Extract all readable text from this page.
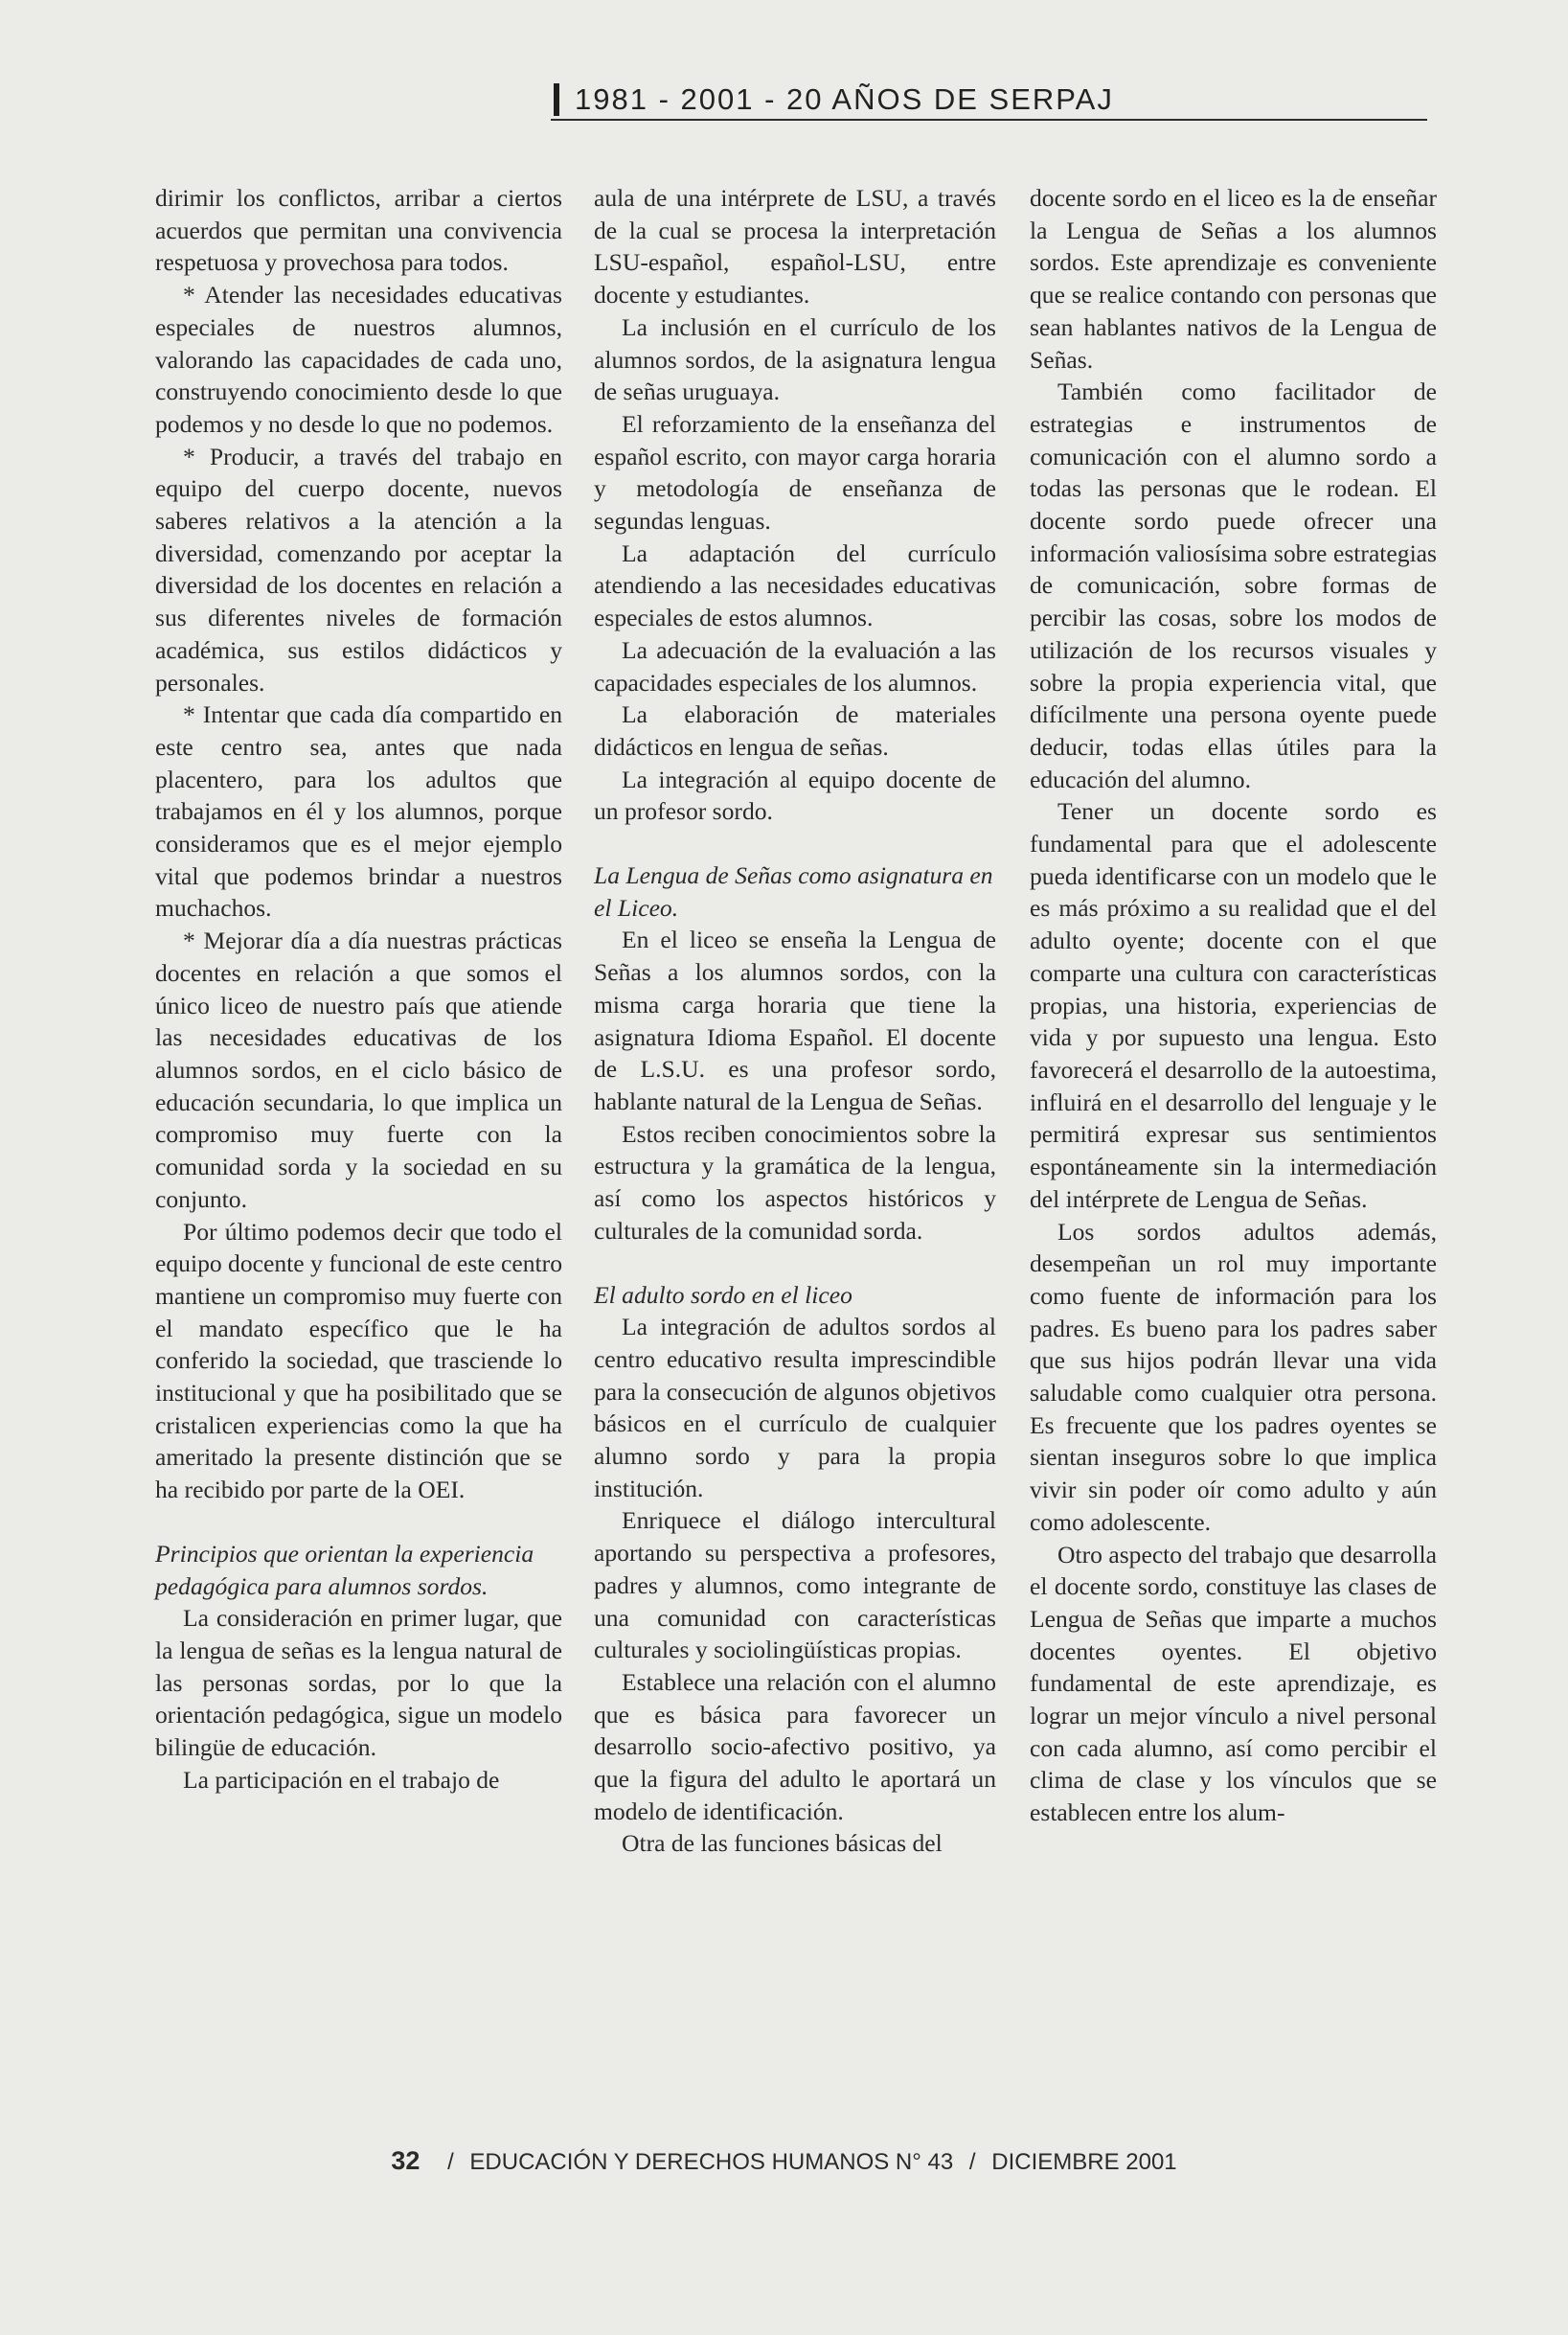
1981 - 2001 - 20 AÑOS DE SERPAJ

dirimir los conflictos, arribar a ciertos acuerdos que permitan una convivencia respetuosa y provechosa para todos.

* Atender las necesidades educativas especiales de nuestros alumnos, valorando las capacidades de cada uno, construyendo conocimiento desde lo que podemos y no desde lo que no podemos.

* Producir, a través del trabajo en equipo del cuerpo docente, nuevos saberes relativos a la atención a la diversidad, comenzando por aceptar la diversidad de los docentes en relación a sus diferentes niveles de formación académica, sus estilos didácticos y personales.

* Intentar que cada día compartido en este centro sea, antes que nada placentero, para los adultos que trabajamos en él y los alumnos, porque consideramos que es el mejor ejemplo vital que podemos brindar a nuestros muchachos.

* Mejorar día a día nuestras prácticas docentes en relación a que somos el único liceo de nuestro país que atiende las necesidades educativas de los alumnos sordos, en el ciclo básico de educación secundaria, lo que implica un compromiso muy fuerte con la comunidad sorda y la sociedad en su conjunto.

Por último podemos decir que todo el equipo docente y funcional de este centro mantiene un compromiso muy fuerte con el mandato específico que le ha conferido la sociedad, que trasciende lo institucional y que ha posibilitado que se cristalicen experiencias como la que ha ameritado la presente distinción que se ha recibido por parte de la OEI.

Principios que orientan la experiencia pedagógica para alumnos sordos.

La consideración en primer lugar, que la lengua de señas es la lengua natural de las personas sordas, por lo que la orientación pedagógica, sigue un modelo bilingüe de educación.

La participación en el trabajo de

aula de una intérprete de LSU, a través de la cual se procesa la interpretación LSU-español, español-LSU, entre docente y estudiantes.

La inclusión en el currículo de los alumnos sordos, de la asignatura lengua de señas uruguaya.

El reforzamiento de la enseñanza del español escrito, con mayor carga horaria y metodología de enseñanza de segundas lenguas.

La adaptación del currículo atendiendo a las necesidades educativas especiales de estos alumnos.

La adecuación de la evaluación a las capacidades especiales de los alumnos.

La elaboración de materiales didácticos en lengua de señas.

La integración al equipo docente de un profesor sordo.

La Lengua de Señas como asignatura en el Liceo.

En el liceo se enseña la Lengua de Señas a los alumnos sordos, con la misma carga horaria que tiene la asignatura Idioma Español. El docente de L.S.U. es una profesor sordo, hablante natural de la Lengua de Señas.

Estos reciben conocimientos sobre la estructura y la gramática de la lengua, así como los aspectos históricos y culturales de la comunidad sorda.

El adulto sordo en el liceo

La integración de adultos sordos al centro educativo resulta imprescindible para la consecución de algunos objetivos básicos en el currículo de cualquier alumno sordo y para la propia institución.

Enriquece el diálogo intercultural aportando su perspectiva a profesores, padres y alumnos, como integrante de una comunidad con características culturales y sociolingüísticas propias.

Establece una relación con el alumno que es básica para favorecer un desarrollo socio-afectivo positivo, ya que la figura del adulto le aportará un modelo de identificación.

Otra de las funciones básicas del

docente sordo en el liceo es la de enseñar la Lengua de Señas a los alumnos sordos. Este aprendizaje es conveniente que se realice contando con personas que sean hablantes nativos de la Lengua de Señas.

También como facilitador de estrategias e instrumentos de comunicación con el alumno sordo a todas las personas que le rodean. El docente sordo puede ofrecer una información valiosísima sobre estrategias de comunicación, sobre formas de percibir las cosas, sobre los modos de utilización de los recursos visuales y sobre la propia experiencia vital, que difícilmente una persona oyente puede deducir, todas ellas útiles para la educación del alumno.

Tener un docente sordo es fundamental para que el adolescente pueda identificarse con un modelo que le es más próximo a su realidad que el del adulto oyente; docente con el que comparte una cultura con características propias, una historia, experiencias de vida y por supuesto una lengua. Esto favorecerá el desarrollo de la autoestima, influirá en el desarrollo del lenguaje y le permitirá expresar sus sentimientos espontáneamente sin la intermediación del intérprete de Lengua de Señas.

Los sordos adultos además, desempeñan un rol muy importante como fuente de información para los padres. Es bueno para los padres saber que sus hijos podrán llevar una vida saludable como cualquier otra persona. Es frecuente que los padres oyentes se sientan inseguros sobre lo que implica vivir sin poder oír como adulto y aún como adolescente.

Otro aspecto del trabajo que desarrolla el docente sordo, constituye las clases de Lengua de Señas que imparte a muchos docentes oyentes. El objetivo fundamental de este aprendizaje, es lograr un mejor vínculo a nivel personal con cada alumno, así como percibir el clima de clase y los vínculos que se establecen entre los alum-

32 / EDUCACIÓN Y DERECHOS HUMANOS N° 43 / DICIEMBRE 2001
